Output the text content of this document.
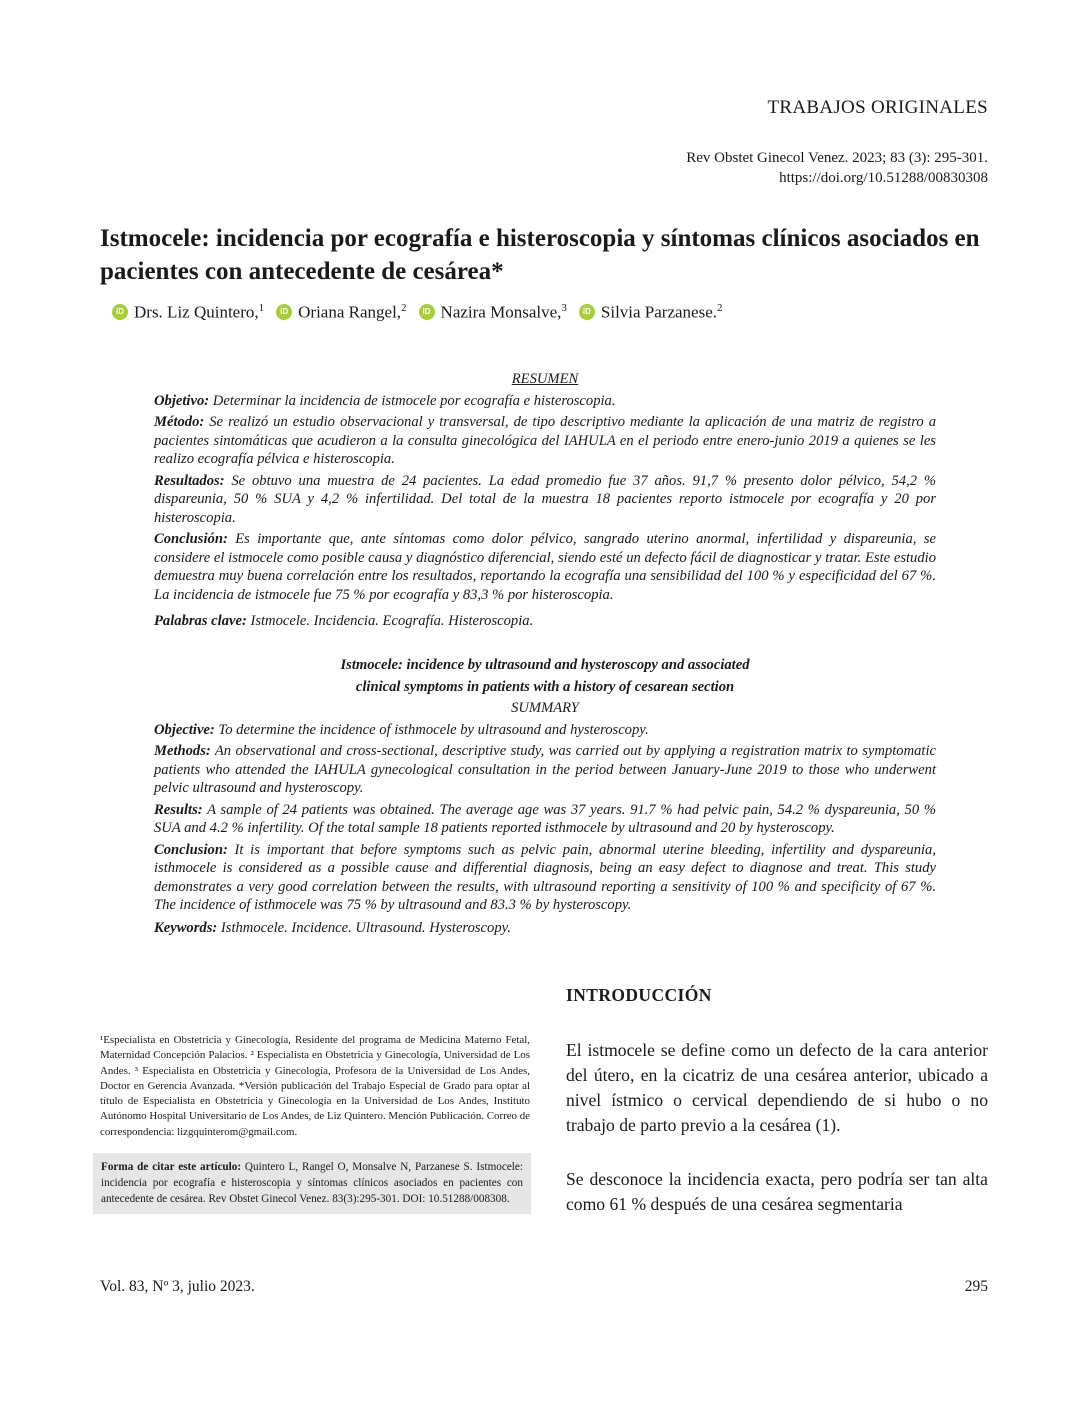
TRABAJOS ORIGINALES
Rev Obstet Ginecol Venez. 2023; 83 (3): 295-301.
https://doi.org/10.51288/00830308
Istmocele: incidencia por ecografía e histeroscopia y síntomas clínicos asociados en pacientes con antecedente de cesárea*
iD Drs. Liz Quintero,$^1$	iD Oriana Rangel,$^2$	iD Nazira Monsalve,$^3$	iD Silvia Parzanese.$^2$

RESUMEN

Objetivo: Determinar la incidencia de istmocele por ecografía e histeroscopia.

Método: Se realizó un estudio observacional y transversal, de tipo descriptivo mediante la aplicación de una matriz de registro a pacientes sintomáticas que acudieron a la consulta ginecológica del IAHULA en el periodo entre enero-junio 2019 a quienes se les realizo ecografía pélvica e histeroscopia.

Resultados: Se obtuvo una muestra de 24 pacientes. La edad promedio fue 37 años. 91,7 % presento dolor pélvico, 54,2 % dispareunia, 50 % SUA y 4,2 % infertilidad. Del total de la muestra 18 pacientes reporto istmocele por ecografía y 20 por histeroscopia.

Conclusión: Es importante que, ante síntomas como dolor pélvico, sangrado uterino anormal, infertilidad y dispareunia, se considere el istmocele como posible causa y diagnóstico diferencial, siendo esté un defecto fácil de diagnosticar y tratar. Este estudio demuestra muy buena correlación entre los resultados, reportando la ecografía una sensibilidad del 100 % y especificidad del 67 %. La incidencia de istmocele fue 75 % por ecografía y 83,3 % por histeroscopia.

Palabras clave: Istmocele. Incidencia. Ecografía. Histeroscopia.

Istmocele: incidence by ultrasound and hysteroscopy and associated

clinical symptoms in patients with a history of cesarean section

SUMMARY

Objective: To determine the incidence of isthmocele by ultrasound and hysteroscopy.

Methods: An observational and cross-sectional, descriptive study, was carried out by applying a registration matrix to symptomatic patients who attended the IAHULA gynecological consultation in the period between January-June 2019 to those who underwent pelvic ultrasound and hysteroscopy.

Results: A sample of 24 patients was obtained. The average age was 37 years. 91.7 % had pelvic pain, 54.2 % dyspareunia, 50 % SUA and 4.2 % infertility. Of the total sample 18 patients reported isthmocele by ultrasound and 20 by hysteroscopy.

Conclusion: It is important that before symptoms such as pelvic pain, abnormal uterine bleeding, infertility and dyspareunia, isthmocele is considered as a possible cause and differential diagnosis, being an easy defect to diagnose and treat. This study demonstrates a very good correlation between the results, with ultrasound reporting a sensitivity of 100 % and specificity of 67 %. The incidence of isthmocele was 75 % by ultrasound and 83.3 % by hysteroscopy.

Keywords: Isthmocele. Incidence. Ultrasound. Hysteroscopy.

INTRODUCCIÓN

El istmocele se define como un defecto de la cara anterior del útero, en la cicatriz de una cesárea anterior, ubicado a nivel ístmico o cervical dependiendo de si hubo o no trabajo de parto previo a la cesárea (1).

Se desconoce la incidencia exacta, pero podría ser tan alta como 61 % después de una cesárea segmentaria

¹Especialista en Obstetricia y Ginecología, Residente del programa de Medicina Materno Fetal, Maternidad Concepción Palacios. ² Especialista en Obstetricia y Ginecología, Universidad de Los Andes. ³ Especialista en Obstetricia y Ginecología, Profesora de la Universidad de Los Andes, Doctor en Gerencia Avanzada. *Versión publicación del Trabajo Especial de Grado para optar al título de Especialista en Obstetricia y Ginecología en la Universidad de Los Andes, Instituto Autónomo Hospital Universitario de Los Andes, de Liz Quintero. Mención Publicación. Correo de correspondencia: lizgquinterom@gmail.com.
Forma de citar este artículo: Quintero L, Rangel O, Monsalve N, Parzanese S. Istmocele: incidencia por ecografía e histeroscopia y síntomas clínicos asociados en pacientes con antecedente de cesárea. Rev Obstet Ginecol Venez. 83(3):295-301. DOI: 10.51288/008308.
Vol. 83, Nº 3, julio 2023.	295
